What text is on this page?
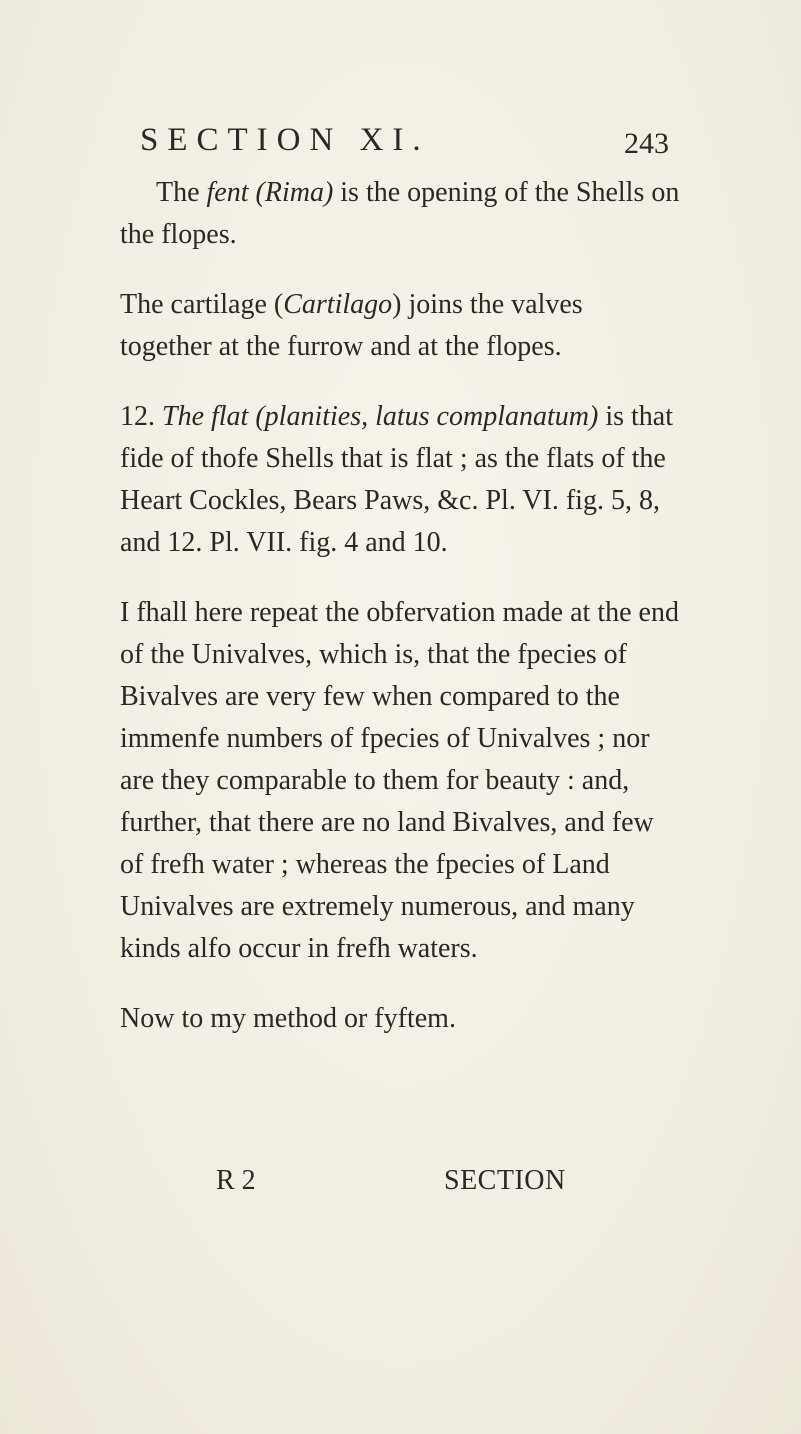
SECTION XI.	243

The fent (Rima) is the opening of the Shells on the flopes.

The cartilage (Cartilago) joins the valves together at the furrow and at the flopes.

12. The flat (planities, latus complanatum) is that fide of thofe Shells that is flat ; as the flats of the Heart Cockles, Bears Paws, &c. Pl. VI. fig. 5, 8, and 12. Pl. VII. fig. 4 and 10.

I fhall here repeat the obfervation made at the end of the Univalves, which is, that the fpecies of Bivalves are very few when compared to the immenfe numbers of fpecies of Univalves ; nor are they comparable to them for beauty : and, further, that there are no land Bivalves, and few of frefh water ; whereas the fpecies of Land Univalves are extremely numerous, and many kinds alfo occur in frefh waters.

Now to my method or fyftem.

R 2	SECTION
